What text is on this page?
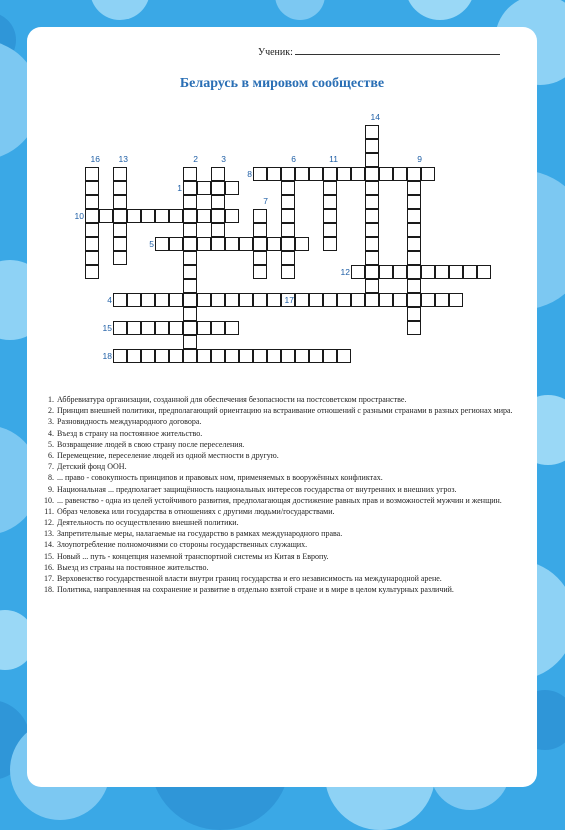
Ученик:
Беларусь в мировом сообществе
1
2	3
4
5
6
7
8
9
10
11
12
13
14
15
16
17
18
1. Аббревиатура организации, созданной для обеспечения безопасности на постсоветском пространстве.
2. Принцип внешней политики, предполагающий ориентацию на встраивание отношений с разными странами в разных регионах мира.
3. Разновидность международного договора.
4. Въезд в страну на постоянное жительство.
5. Возвращение людей в свою страну после переселения.
6. Перемещение, переселение людей из одной местности в другую.
7. Детский фонд ООН.
8. ... право - совокупность принципов и правовых ном, применяемых в вооружённых конфликтах.
9. Национальная ... предполагает защищённость национальных интересов государства от внутренних и внешних угроз.
10. ... равенство - одна из целей устойчивого развития, предполагающая достижение равных прав и возможностей мужчин и женщин.
11. Образ человека или государства в отношениях с другими людьми/государствами.
12. Деятельность по осуществлению внешней политики.
13. Запретительные меры, налагаемые на государство в рамках международного права.
14. Злоупотребление полномочиями со стороны государственных служащих.
15. Новый ... путь - концепция наземной транспортной системы из Китая в Европу.
16. Выезд из страны на постоянное жительство.
17. Верховенство государственной власти внутри границ государства и его независимость на международной арене.
18. Политика, направленная на сохранение и развитие в отдельно взятой стране и в мире в целом культурных различий.
